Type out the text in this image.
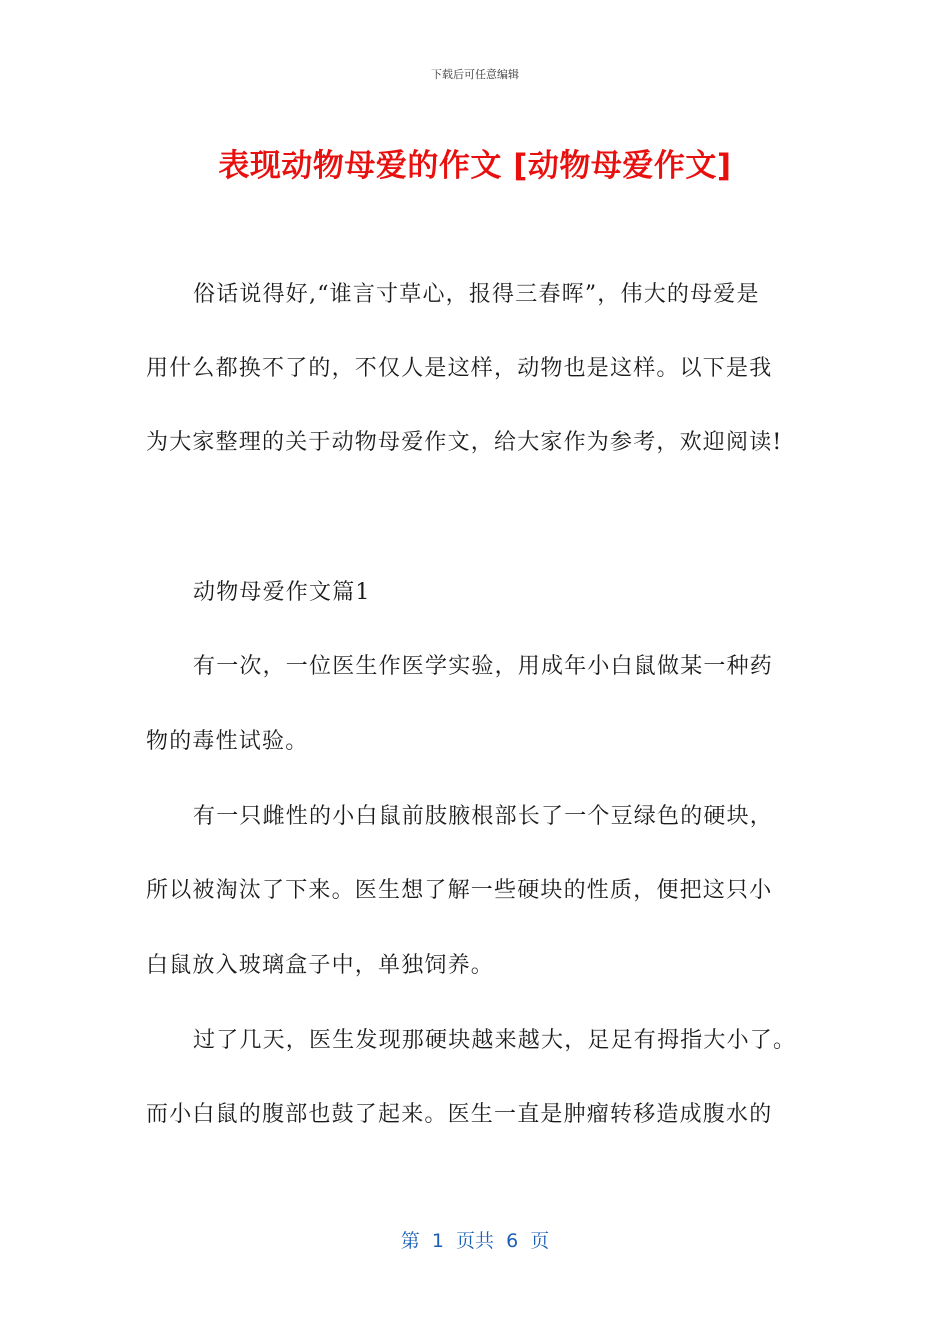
下载后可任意编辑
表现动物母爱的作文 [动物母爱作文]
俗话说得好,“谁言寸草心，报得三春晖”，伟大的母爱是
用什么都换不了的，不仅人是这样，动物也是这样。以下是我
为大家整理的关于动物母爱作文，给大家作为参考，欢迎阅读!
动物母爱作文篇1
有一次，一位医生作医学实验，用成年小白鼠做某一种药
物的毒性试验。
有一只雌性的小白鼠前肢腋根部长了一个豆绿色的硬块，
所以被淘汰了下来。医生想了解一些硬块的性质，便把这只小
白鼠放入玻璃盒子中，单独饲养。
过了几天，医生发现那硬块越来越大，足足有拇指大小了。
而小白鼠的腹部也鼓了起来。医生一直是肿瘤转移造成腹水的
第  1  页共  6  页
